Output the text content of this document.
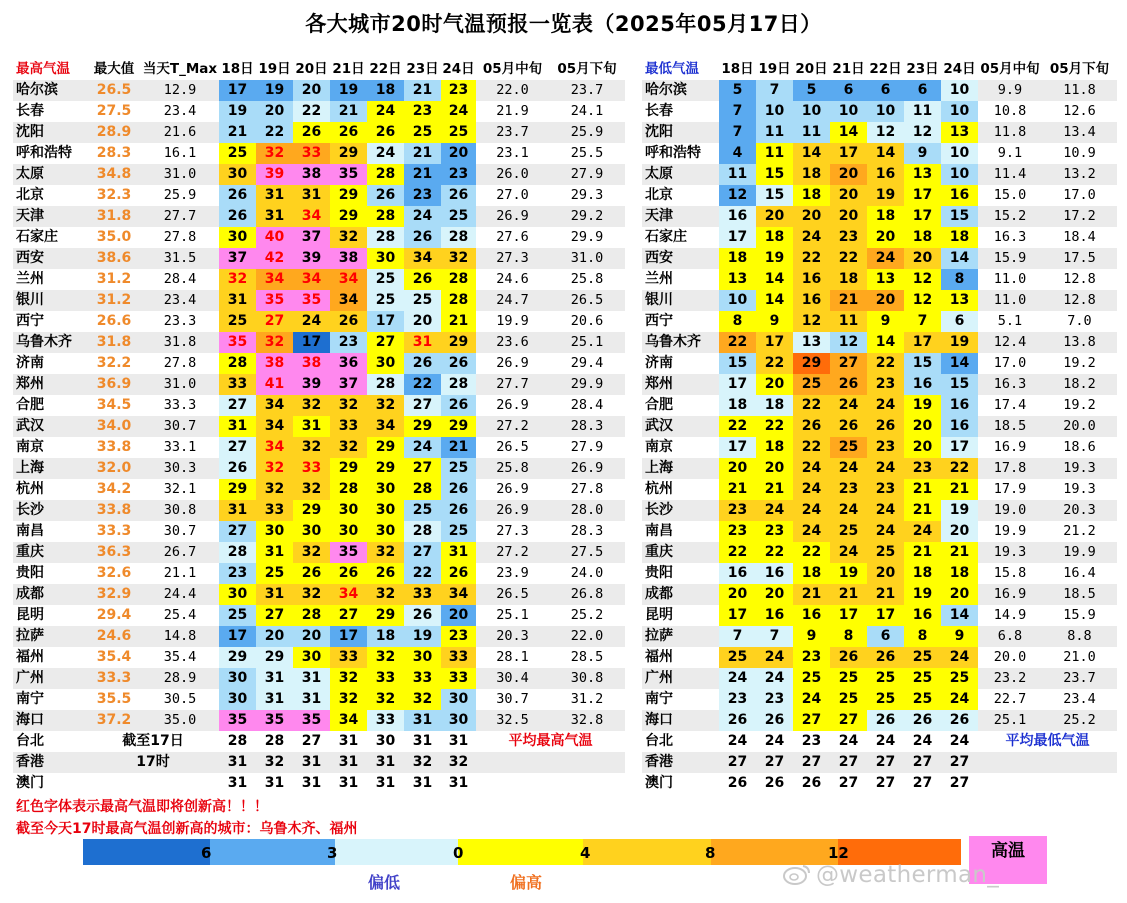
各大城市20时气温预报一览表（2025年05月17日）
最高气温	最大值	当天T_Max	18日	19日	20日	21日	22日	23日	24日	05月中旬	05月下旬
哈尔滨	26.5	12.9	17	19	20	19	18	21	23	22.0	23.7
长春	27.5	23.4	19	20	22	21	24	23	24	21.9	24.1
沈阳	28.9	21.6	21	22	26	26	26	25	25	23.7	25.9
呼和浩特	28.3	16.1	25	32	33	29	24	21	20	23.1	25.5
太原	34.8	31.0	30	39	38	35	28	21	23	26.0	27.9
北京	32.3	25.9	26	31	31	29	26	23	26	27.0	29.3
天津	31.8	27.7	26	31	34	29	28	24	25	26.9	29.2
石家庄	35.0	27.8	30	40	37	32	28	26	28	27.6	29.9
西安	38.6	31.5	37	42	39	38	30	34	32	27.3	31.0
兰州	31.2	28.4	32	34	34	34	25	26	28	24.6	25.8
银川	31.2	23.4	31	35	35	34	25	25	28	24.7	26.5
西宁	26.6	23.3	25	27	24	26	17	20	21	19.9	20.6
乌鲁木齐	31.8	31.8	35	32	17	23	27	31	29	23.6	25.1
济南	32.2	27.8	28	38	38	36	30	26	26	26.9	29.4
郑州	36.9	31.0	33	41	39	37	28	22	28	27.7	29.9
合肥	34.5	33.3	27	34	32	32	32	27	26	26.9	28.4
武汉	34.0	30.7	31	34	31	33	34	29	29	27.2	28.3
南京	33.8	33.1	27	34	32	32	29	24	21	26.5	27.9
上海	32.0	30.3	26	32	33	29	29	27	25	25.8	26.9
杭州	34.2	32.1	29	32	32	28	30	28	26	26.9	27.8
长沙	33.8	30.8	31	33	29	30	30	25	26	26.9	28.0
南昌	33.3	30.7	27	30	30	30	30	28	25	27.3	28.3
重庆	36.3	26.7	28	31	32	35	32	27	31	27.2	27.5
贵阳	32.6	21.1	23	25	26	26	26	22	26	23.9	24.0
成都	32.9	24.4	30	31	32	34	32	33	34	26.5	26.8
昆明	29.4	25.4	25	27	28	27	29	26	20	25.1	25.2
拉萨	24.6	14.8	17	20	20	17	18	19	23	20.3	22.0
福州	35.4	35.4	29	29	30	33	32	30	33	28.1	28.5
广州	33.3	28.9	30	31	31	32	33	33	33	30.4	30.8
南宁	35.5	30.5	30	31	31	32	32	32	30	30.7	31.2
海口	37.2	35.0	35	35	35	34	33	31	30	32.5	32.8
台北	截至17日		28	28	27	31	30	31	31	平均最高气温	
香港	17时		31	32	31	31	31	32	32		
澳门			31	31	31	31	31	31	31		
最低气温	18日	19日	20日	21日	22日	23日	24日	05月中旬	05月下旬
哈尔滨	5	7	5	6	6	6	10	9.9	11.8
长春	7	10	10	10	10	11	10	10.8	12.6
沈阳	7	11	11	14	12	12	13	11.8	13.4
呼和浩特	4	11	14	17	14	9	10	9.1	10.9
太原	11	15	18	20	16	13	10	11.4	13.2
北京	12	15	18	20	19	17	16	15.0	17.0
天津	16	20	20	20	18	17	15	15.2	17.2
石家庄	17	18	24	23	20	18	18	16.3	18.4
西安	18	19	22	22	24	20	14	15.9	17.5
兰州	13	14	16	18	13	12	8	11.0	12.8
银川	10	14	16	21	20	12	13	11.0	12.8
西宁	8	9	12	11	9	7	6	5.1	7.0
乌鲁木齐	22	17	13	12	14	17	19	12.4	13.8
济南	15	22	29	27	22	15	14	17.0	19.2
郑州	17	20	25	26	23	16	15	16.3	18.2
合肥	18	18	22	24	24	19	16	17.4	19.2
武汉	22	22	26	26	26	20	16	18.5	20.0
南京	17	18	22	25	23	20	17	16.9	18.6
上海	20	20	24	24	24	23	22	17.8	19.3
杭州	21	21	24	23	23	21	21	17.9	19.3
长沙	23	24	24	24	24	21	19	19.0	20.3
南昌	23	23	24	25	24	24	20	19.9	21.2
重庆	22	22	22	24	25	21	21	19.3	19.9
贵阳	16	16	18	19	20	18	18	15.8	16.4
成都	20	20	21	21	21	19	20	16.9	18.5
昆明	17	16	16	17	17	16	14	14.9	15.9
拉萨	7	7	9	8	6	8	9	6.8	8.8
福州	25	24	23	26	26	25	24	20.0	21.0
广州	24	24	25	25	25	25	25	23.2	23.7
南宁	23	23	24	25	25	25	24	22.7	23.4
海口	26	26	27	27	26	26	26	25.1	25.2
台北	24	24	23	24	24	24	24	平均最低气温	
香港	27	27	27	27	27	27	27		
澳门	26	26	26	27	27	27	27		
红色字体表示最高气温即将创新高！！！
截至今天17时最高气温创新高的城市：乌鲁木齐、福州
6	3	0	4	8	12	高温
偏低	偏高	@weatherman_
